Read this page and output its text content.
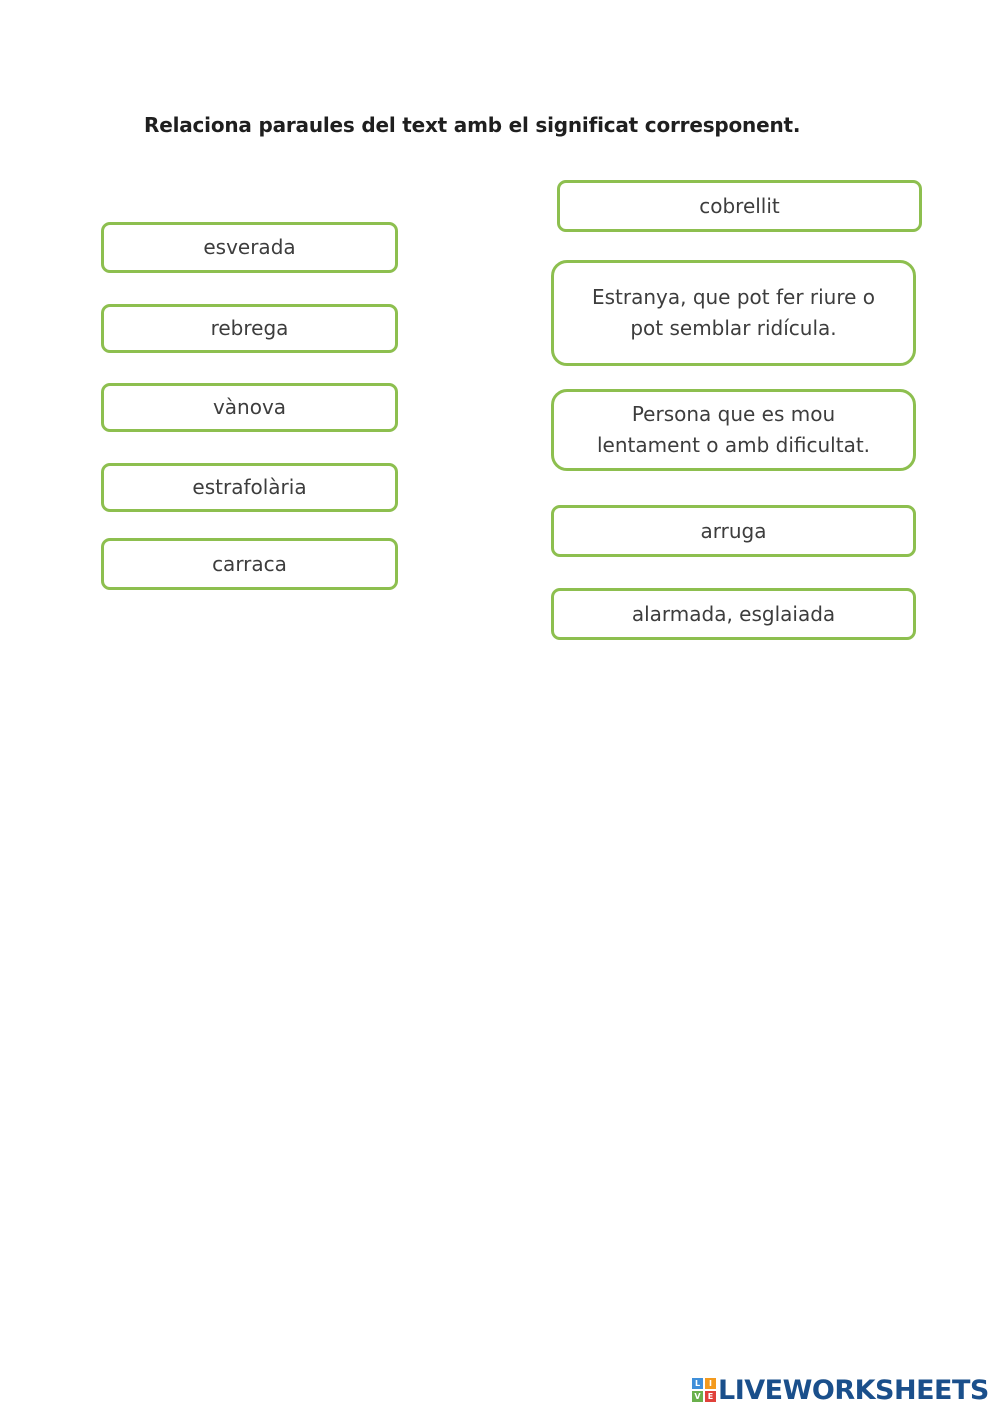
Relaciona paraules del text amb el significat corresponent.
esverada
rebrega
vànova
estrafolària
carraca
cobrellit
Estranya, que pot fer riure o
pot semblar ridícula.
Persona que es mou
lentament o amb dificultat.
arruga
alarmada, esglaiada
L	I
V E LIVEWORKSHEETS
